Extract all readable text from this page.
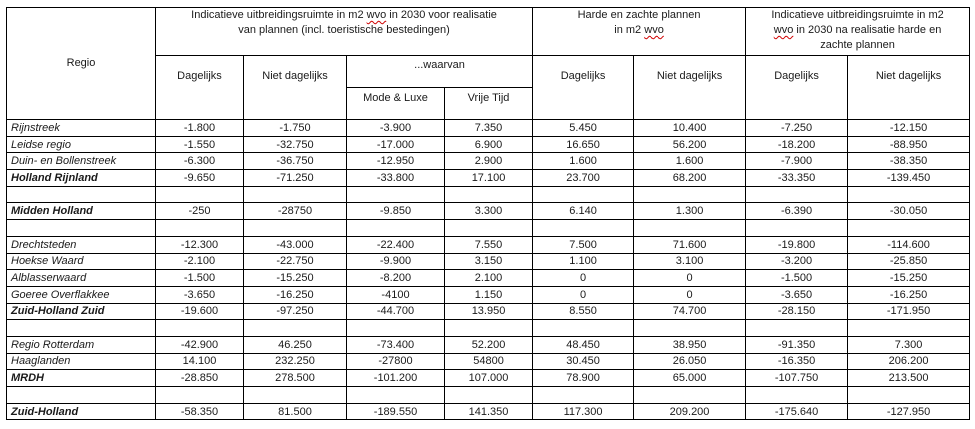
Regio	Indicatieve uitbreidingsruimte in m2 wvo in 2030 voor realisatie
van plannen (incl. toeristische bestedingen)				Harde en zachte plannen
in m2 wvo		Indicatieve uitbreidingsruimte in m2
wvo in 2030 na realisatie harde en
zachte plannen	
	Dagelijks	Niet dagelijks	...waarvan		Dagelijks	Niet dagelijks	Dagelijks	Niet dagelijks
			Mode & Luxe	Vrije Tijd				
Rijnstreek	-1.800	-1.750	-3.900	7.350	5.450	10.400	-7.250	-12.150
Leidse regio	-1.550	-32.750	-17.000	6.900	16.650	56.200	-18.200	-88.950
Duin- en Bollenstreek	-6.300	-36.750	-12.950	2.900	1.600	1.600	-7.900	-38.350
Holland Rijnland	-9.650	-71.250	-33.800	17.100	23.700	68.200	-33.350	-139.450

Midden Holland	-250	-28750	-9.850	3.300	6.140	1.300	-6.390	-30.050

Drechtsteden	-12.300	-43.000	-22.400	7.550	7.500	71.600	-19.800	-114.600
Hoekse Waard	-2.100	-22.750	-9.900	3.150	1.100	3.100	-3.200	-25.850
Alblasserwaard	-1.500	-15.250	-8.200	2.100	0	0	-1.500	-15.250
Goeree Overflakkee	-3.650	-16.250	-4100	1.150	0	0	-3.650	-16.250
Zuid-Holland Zuid	-19.600	-97.250	-44.700	13.950	8.550	74.700	-28.150	-171.950

Regio Rotterdam	-42.900	46.250	-73.400	52.200	48.450	38.950	-91.350	7.300
Haaglanden	14.100	232.250	-27800	54800	30.450	26.050	-16.350	206.200
MRDH	-28.850	278.500	-101.200	107.000	78.900	65.000	-107.750	213.500

Zuid-Holland	-58.350	81.500	-189.550	141.350	117.300	209.200	-175.640	-127.950
